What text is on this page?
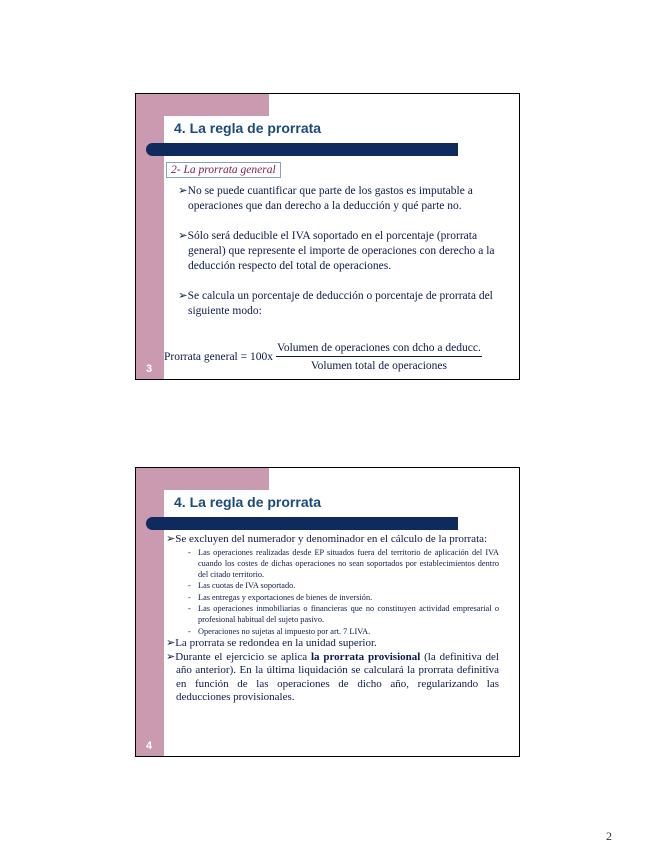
4. La regla de prorrata
2- La prorrata general

➢No se puede cuantificar que parte de los gastos es imputable a operaciones que dan derecho a la deducción y qué parte no.

➢Sólo será deducible el IVA soportado en el porcentaje (prorrata general) que represente el importe de operaciones con derecho a la deducción respecto del total de operaciones.

➢Se calcula un porcentaje de deducción o porcentaje de prorrata del siguiente modo:

Prorrata general = $100x \frac{\text{Volumen de operaciones con dcho a deducc.}}{\text{Volumen total de operaciones}}$
3
4. La regla de prorrata

➢Se excluyen del numerador y denominador en el cálculo de la prorrata:

- Las operaciones realizadas desde EP situados fuera del territorio de aplicación del IVA cuando los costes de dichas operaciones no sean soportados por establecimientos dentro del citado territorio.
- Las cuotas de IVA soportado.
- Las entregas y exportaciones de bienes de inversión.
- Las operaciones inmobiliarias o financieras que no constituyen actividad empresarial o profesional habitual del sujeto pasivo.
- Operaciones no sujetas al impuesto por art. 7 LIVA.

➢La prorrata se redondea en la unidad superior.

➢Durante el ejercicio se aplica la prorrata provisional (la definitiva del año anterior). En la última liquidación se calculará la prorrata definitiva en función de las operaciones de dicho año, regularizando las deducciones provisionales.

4
2
